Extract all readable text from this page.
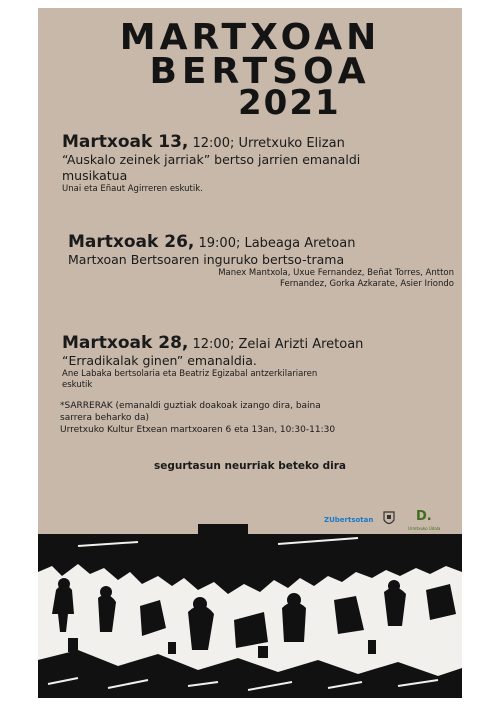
MARTXOAN
BERTSOA
2021
Martxoak 13, 12:00; Urretxuko Elizan
“Auskalo zeinek jarriak” bertso jarrien emanaldi
musikatua
Unai eta Eñaut Agirreren eskutik.
Martxoak 26, 19:00; Labeaga Aretoan
Martxoan Bertsoaren inguruko bertso-trama
Manex Mantxola, Uxue Fernandez, Beñat Torres, Antton
Fernandez, Gorka Azkarate, Asier Iriondo
Martxoak 28, 12:00; Zelai Arizti Aretoan
“Erradikalak ginen” emanaldia.
Ane Labaka bertsolaria eta Beatriz Egizabal antzerkilariaren
eskutik
*SARRERAK (emanaldi guztiak doakoak izango dira, baina
sarrera beharko da)
Urretxuko Kultur Etxean martxoaren 6 eta 13an, 10:30-11:30
segurtasun neurriak beteko dira
ZUbertsotan	D.
Urretxuko Udala
